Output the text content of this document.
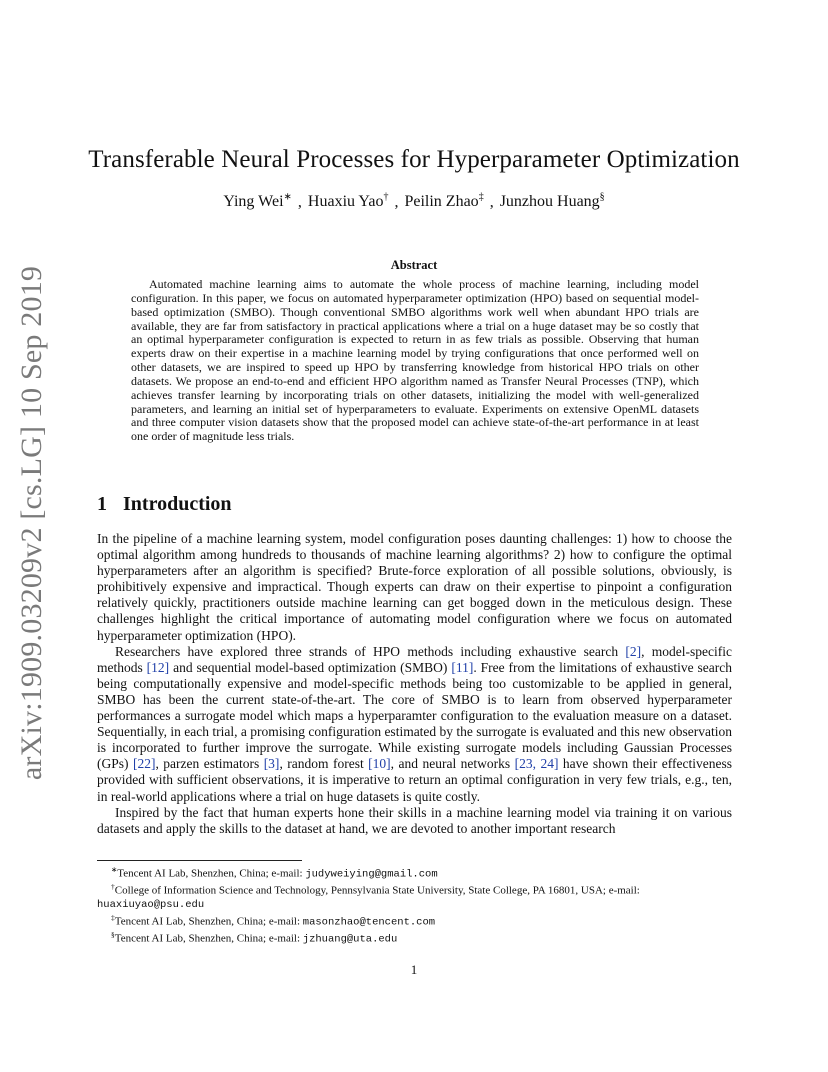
arXiv:1909.03209v2 [cs.LG] 10 Sep 2019
Transferable Neural Processes for Hyperparameter Optimization
Ying Wei∗ , Huaxiu Yao† , Peilin Zhao‡ , Junzhou Huang§
Abstract
Automated machine learning aims to automate the whole process of machine learning, including model configuration. In this paper, we focus on automated hyperparameter optimization (HPO) based on sequential model-based optimization (SMBO). Though conventional SMBO algorithms work well when abundant HPO trials are available, they are far from satisfactory in practical applications where a trial on a huge dataset may be so costly that an optimal hyperparameter configuration is expected to return in as few trials as possible. Observing that human experts draw on their expertise in a machine learning model by trying configurations that once performed well on other datasets, we are inspired to speed up HPO by transferring knowledge from historical HPO trials on other datasets. We propose an end-to-end and efficient HPO algorithm named as Transfer Neural Processes (TNP), which achieves transfer learning by incorporating trials on other datasets, initializing the model with well-generalized parameters, and learning an initial set of hyperparameters to evaluate. Experiments on extensive OpenML datasets and three computer vision datasets show that the proposed model can achieve state-of-the-art performance in at least one order of magnitude less trials.
1 Introduction

In the pipeline of a machine learning system, model configuration poses daunting challenges: 1) how to choose the optimal algorithm among hundreds to thousands of machine learning algorithms? 2) how to configure the optimal hyperparameters after an algorithm is specified? Brute-force exploration of all possible solutions, obviously, is prohibitively expensive and impractical. Though experts can draw on their expertise to pinpoint a configuration relatively quickly, practitioners outside machine learning can get bogged down in the meticulous design. These challenges highlight the critical importance of automating model configuration where we focus on automated hyperparameter optimization (HPO).

Researchers have explored three strands of HPO methods including exhaustive search [2], model-specific methods [12] and sequential model-based optimization (SMBO) [11]. Free from the limitations of exhaustive search being computationally expensive and model-specific methods being too customizable to be applied in general, SMBO has been the current state-of-the-art. The core of SMBO is to learn from observed hyperparameter performances a surrogate model which maps a hyperparamter configuration to the evaluation measure on a dataset. Sequentially, in each trial, a promising configuration estimated by the surrogate is evaluated and this new observation is incorporated to further improve the surrogate. While existing surrogate models including Gaussian Processes (GPs) [22], parzen estimators [3], random forest [10], and neural networks [23, 24] have shown their effectiveness provided with sufficient observations, it is imperative to return an optimal configuration in very few trials, e.g., ten, in real-world applications where a trial on huge datasets is quite costly.

Inspired by the fact that human experts hone their skills in a machine learning model via training it on various datasets and apply the skills to the dataset at hand, we are devoted to another important research

∗Tencent AI Lab, Shenzhen, China; e-mail: judyweiying@gmail.com

†College of Information Science and Technology, Pennsylvania State University, State College, PA 16801, USA; e-mail: huaxiuyao@psu.edu

‡Tencent AI Lab, Shenzhen, China; e-mail: masonzhao@tencent.com

§Tencent AI Lab, Shenzhen, China; e-mail: jzhuang@uta.edu

1
